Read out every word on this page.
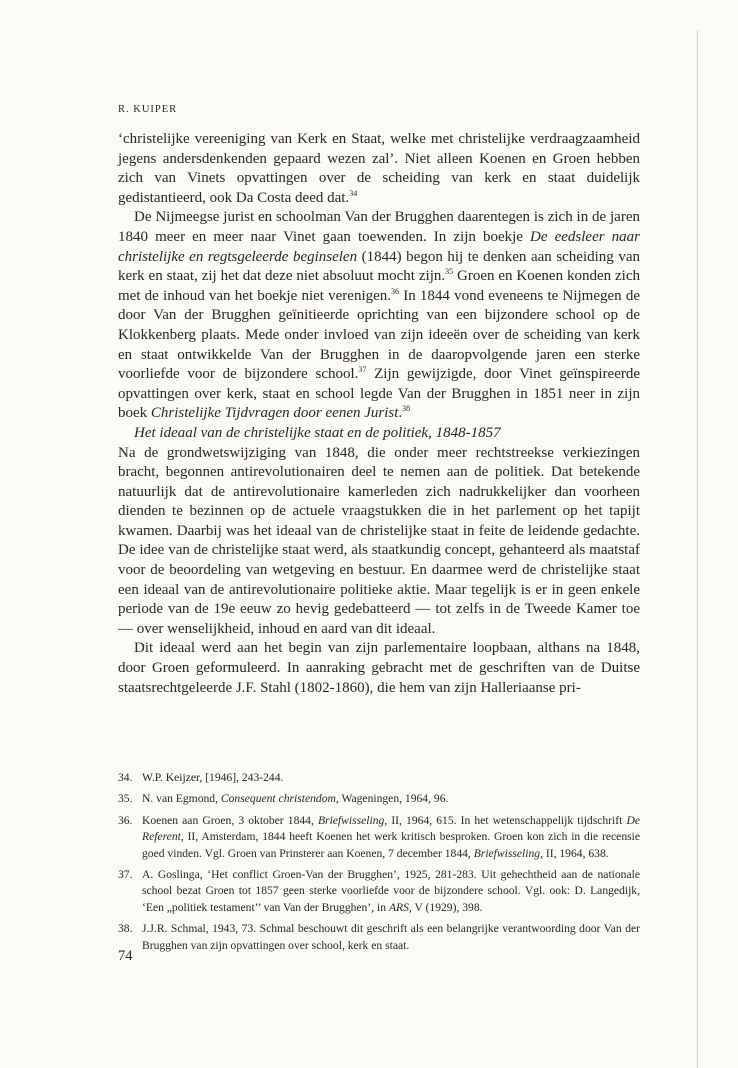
R. KUIPER

‘christelijke vereeniging van Kerk en Staat, welke met christelijke verdraagzaamheid jegens andersdenkenden gepaard wezen zal’. Niet alleen Koenen en Groen hebben zich van Vinets opvattingen over de scheiding van kerk en staat duidelijk gedistantieerd, ook Da Costa deed dat.$^{34}$

De Nijmeegse jurist en schoolman Van der Brugghen daarentegen is zich in de jaren 1840 meer en meer naar Vinet gaan toewenden. In zijn boekje De eedsleer naar christelijke en regtsgeleerde beginselen (1844) begon hij te denken aan scheiding van kerk en staat, zij het dat deze niet absoluut mocht zijn.$^{35}$ Groen en Koenen konden zich met de inhoud van het boekje niet verenigen.$^{36}$ In 1844 vond eveneens te Nijmegen de door Van der Brugghen geïnitieerde oprichting van een bijzondere school op de Klokkenberg plaats. Mede onder invloed van zijn ideeën over de scheiding van kerk en staat ontwikkelde Van der Brugghen in de daaropvolgende jaren een sterke voorliefde voor de bijzondere school.$^{37}$ Zijn gewijzigde, door Vinet geïnspireerde opvattingen over kerk, staat en school legde Van der Brugghen in 1851 neer in zijn boek Christelijke Tijdvragen door eenen Jurist.$^{38}$

Het ideaal van de christelijke staat en de politiek, 1848-1857

Na de grondwetswijziging van 1848, die onder meer rechtstreekse verkiezingen bracht, begonnen antirevolutionairen deel te nemen aan de politiek. Dat betekende natuurlijk dat de antirevolutionaire kamerleden zich nadrukkelijker dan voorheen dienden te bezinnen op de actuele vraagstukken die in het parlement op het tapijt kwamen. Daarbij was het ideaal van de christelijke staat in feite de leidende gedachte. De idee van de christelijke staat werd, als staatkundig concept, gehanteerd als maatstaf voor de beoordeling van wetgeving en bestuur. En daarmee werd de christelijke staat een ideaal van de antirevolutionaire politieke aktie. Maar tegelijk is er in geen enkele periode van de 19e eeuw zo hevig gedebatteerd — tot zelfs in de Tweede Kamer toe — over wenselijkheid, inhoud en aard van dit ideaal.

Dit ideaal werd aan het begin van zijn parlementaire loopbaan, althans na 1848, door Groen geformuleerd. In aanraking gebracht met de geschriften van de Duitse staatsrechtgeleerde J.F. Stahl (1802-1860), die hem van zijn Halleriaanse pri-

34. W.P. Keijzer, [1946], 243-244.
35. N. van Egmond, Consequent christendom, Wageningen, 1964, 96.
36. Koenen aan Groen, 3 oktober 1844, Briefwisseling, II, 1964, 615. In het wetenschappelijk tijdschrift De Referent, II, Amsterdam, 1844 heeft Koenen het werk kritisch besproken. Groen kon zich in die recensie goed vinden. Vgl. Groen van Prinsterer aan Koenen, 7 december 1844, Briefwisseling, II, 1964, 638.
37. A. Goslinga, ‘Het conflict Groen-Van der Brugghen’, 1925, 281-283. Uit gehechtheid aan de nationale school bezat Groen tot 1857 geen sterke voorliefde voor de bijzondere school. Vgl. ook: D. Langedijk, ‘Een „politiek testament’’ van Van der Brugghen’, in ARS, V (1929), 398.
38. J.J.R. Schmal, 1943, 73. Schmal beschouwt dit geschrift als een belangrijke verantwoording door Van der Brugghen van zijn opvattingen over school, kerk en staat.
74
